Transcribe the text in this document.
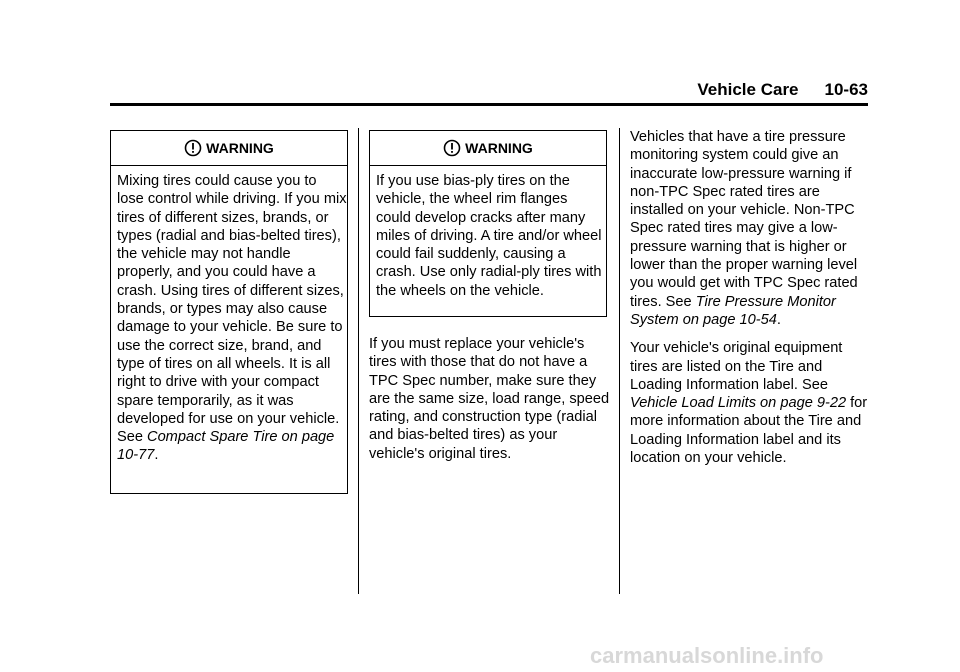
Vehicle Care 10-63
WARNING
Mixing tires could cause you to lose control while driving. If you mix tires of different sizes, brands, or types (radial and bias-belted tires), the vehicle may not handle properly, and you could have a crash. Using tires of different sizes, brands, or types may also cause damage to your vehicle. Be sure to use the correct size, brand, and type of tires on all wheels. It is all right to drive with your compact spare temporarily, as it was developed for use on your vehicle. See Compact Spare Tire on page 10-77.
WARNING
If you use bias-ply tires on the vehicle, the wheel rim flanges could develop cracks after many miles of driving. A tire and/or wheel could fail suddenly, causing a crash. Use only radial-ply tires with the wheels on the vehicle.

If you must replace your vehicle's tires with those that do not have a TPC Spec number, make sure they are the same size, load range, speed rating, and construction type (radial and bias-belted tires) as your vehicle's original tires.

Vehicles that have a tire pressure monitoring system could give an inaccurate low-pressure warning if non-TPC Spec rated tires are installed on your vehicle. Non-TPC Spec rated tires may give a low-pressure warning that is higher or lower than the proper warning level you would get with TPC Spec rated tires. See Tire Pressure Monitor System on page 10-54.

Your vehicle's original equipment tires are listed on the Tire and Loading Information label. See Vehicle Load Limits on page 9-22 for more information about the Tire and Loading Information label and its location on your vehicle.

carmanualsonline.info
